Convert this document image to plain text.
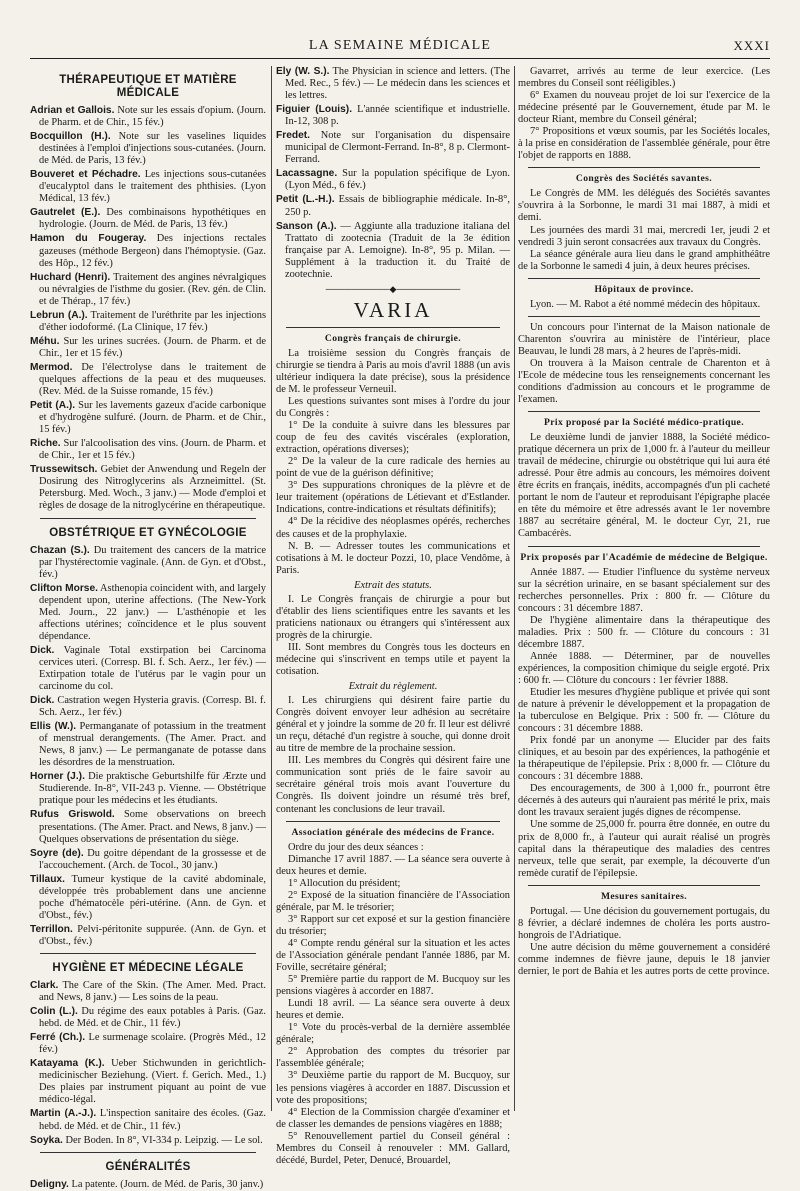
LA SEMAINE MÉDICALE	XXXI
THÉRAPEUTIQUE ET MATIÈRE MÉDICALE
Adrian et Gallois. Note sur les essais d'opium. (Journ. de Pharm. et de Chir., 15 fév.)
Bocquillon (H.). Note sur les vaselines liquides destinées à l'emploi d'injections sous-cutanées. (Journ. de Méd. de Paris, 13 fév.)
Bouveret et Péchadre. Les injections sous-cutanées d'eucalyptol dans le traitement des phthisies. (Lyon Médical, 13 fév.)
Gautrelet (E.). Des combinaisons hypothétiques en hydrologie. (Journ. de Méd. de Paris, 13 fév.)
Hamon du Fougeray. Des injections rectales gazeuses (méthode Bergeon) dans l'hémoptysie. (Gaz. des Hôp., 12 fév.)
Huchard (Henri). Traitement des angines névralgiques ou névralgies de l'isthme du gosier. (Rev. gén. de Clin. et de Thérap., 17 fév.)
Lebrun (A.). Traitement de l'uréthrite par les injections d'éther iodoformé. (La Clinique, 17 fév.)
Méhu. Sur les urines sucrées. (Journ. de Pharm. et de Chir., 1er et 15 fév.)
Mermod. De l'électrolyse dans le traitement de quelques affections de la peau et des muqueuses. (Rev. Méd. de la Suisse romande, 15 fév.)
Petit (A.). Sur les lavements gazeux d'acide carbonique et d'hydrogène sulfuré. (Journ. de Pharm. et de Chir., 15 fév.)
Riche. Sur l'alcoolisation des vins. (Journ. de Pharm. et de Chir., 1er et 15 fév.)
Trussewitsch. Gebiet der Anwendung und Regeln der Dosirung des Nitroglycerins als Arzneimittel. (St. Petersburg. Med. Woch., 3 janv.) — Mode d'emploi et règles de dosage de la nitroglycérine en thérapeutique.
OBSTÉTRIQUE ET GYNÉCOLOGIE
Chazan (S.). Du traitement des cancers de la matrice par l'hystérectomie vaginale. (Ann. de Gyn. et d'Obst., fév.)
Clifton Morse. Asthenopia coincident with, and largely dependent upon, uterine affections. (The New-York Med. Journ., 22 janv.) — L'asthénopie et les affections utérines; coïncidence et le plus souvent dépendance.
Dick. Vaginale Total exstirpation bei Carcinoma cervices uteri. (Corresp. Bl. f. Sch. Aerz., 1er fév.) — Extirpation totale de l'utérus par le vagin pour un carcinome du col.
Dick. Castration wegen Hysteria gravis. (Corresp. Bl. f. Sch. Aerz., 1er fév.)
Ellis (W.). Permanganate of potassium in the treatment of menstrual derangements. (The Amer. Pract. and News, 8 janv.) — Le permanganate de potasse dans les désordres de la menstruation.
Horner (J.). Die praktische Geburtshilfe für Ærzte und Studierende. In-8°, VII-243 p. Vienne. — Obstétrique pratique pour les médecins et les étudiants.
Rufus Griswold. Some observations on breech presentations. (The Amer. Pract. and News, 8 janv.) — Quelques observations de présentation du siège.
Soyre (de). Du goitre dépendant de la grossesse et de l'accouchement. (Arch. de Tocol., 30 janv.)
Tillaux. Tumeur kystique de la cavité abdominale, développée très probablement dans une ancienne poche d'hématocèle péri-utérine. (Ann. de Gyn. et d'Obst., fév.)
Terrillon. Pelvi-péritonite suppurée. (Ann. de Gyn. et d'Obst., fév.)
HYGIÈNE ET MÉDECINE LÉGALE
Clark. The Care of the Skin. (The Amer. Med. Pract. and News, 8 janv.) — Les soins de la peau.
Colin (L.). Du régime des eaux potables à Paris. (Gaz. hebd. de Méd. et de Chir., 11 fév.)
Ferré (Ch.). Le surmenage scolaire. (Progrès Méd., 12 fév.)
Katayama (K.). Ueber Stichwunden in gerichtlich-medicinischer Beziehung. (Viert. f. Gerich. Med., 1.) Des plaies par instrument piquant au point de vue médico-légal.
Martin (A.-J.). L'inspection sanitaire des écoles. (Gaz. hebd. de Méd. et de Chir., 11 fév.)
Soyka. Der Boden. In 8°, VI-334 p. Leipzig. — Le sol.
GÉNÉRALITÉS
Deligny. La patente. (Journ. de Méd. de Paris, 30 janv.)
Ely (W. S.). The Physician in science and letters. (The Med. Rec., 5 fév.) — Le médecin dans les sciences et les lettres.
Figuier (Louis). L'année scientifique et industrielle. In-12, 308 p.
Fredet. Note sur l'organisation du dispensaire municipal de Clermont-Ferrand. In-8°, 8 p. Clermont-Ferrand.
Lacassagne. Sur la population spécifique de Lyon. (Lyon Méd., 6 fév.)
Petit (L.-H.). Essais de bibliographie médicale. In-8°, 250 p.
Sanson (A.). — Aggiunte alla traduzione italiana del Trattato di zootecnia (Traduit de la 3e édition française par A. Lemoigne). In-8°, 95 p. Milan. — Supplément à la traduction it. du Traité de zootechnie.
──────────◆──────────
VARIA
Congrès français de chirurgie.

La troisième session du Congrès français de chirurgie se tiendra à Paris au mois d'avril 1888 (un avis ultérieur indiquera la date précise), sous la présidence de M. le professeur Verneuil.

Les questions suivantes sont mises à l'ordre du jour du Congrès :

1° De la conduite à suivre dans les blessures par coup de feu des cavités viscérales (exploration, extraction, opérations diverses);

2° De la valeur de la cure radicale des hernies au point de vue de la guérison définitive;

3° Des suppurations chroniques de la plèvre et de leur traitement (opérations de Létievant et d'Estlander. Indications, contre-indications et résultats définitifs);

4° De la récidive des néoplasmes opérés, recherches des causes et de la prophylaxie.

N. B. — Adresser toutes les communications et cotisations à M. le docteur Pozzi, 10, place Vendôme, à Paris.

Extrait des statuts.

I. Le Congrès français de chirurgie a pour but d'établir des liens scientifiques entre les savants et les praticiens nationaux ou étrangers qui s'intéressent aux progrès de la chirurgie.

III. Sont membres du Congrès tous les docteurs en médecine qui s'inscrivent en temps utile et payent la cotisation.

Extrait du règlement.

I. Les chirurgiens qui désirent faire partie du Congrès doivent envoyer leur adhésion au secrétaire général et y joindre la somme de 20 fr. Il leur est délivré un reçu, détaché d'un registre à souche, qui donne droit au titre de membre de la prochaine session.

III. Les membres du Congrès qui désirent faire une communication sont priés de le faire savoir au secrétaire général trois mois avant l'ouverture du Congrès. Ils doivent joindre un résumé très bref, contenant les conclusions de leur travail.

Association générale des médecins de France.

Ordre du jour des deux séances :

Dimanche 17 avril 1887. — La séance sera ouverte à deux heures et demie.

1° Allocution du président;

2° Exposé de la situation financière de l'Association générale, par M. le trésorier;

3° Rapport sur cet exposé et sur la gestion financière du trésorier;

4° Compte rendu général sur la situation et les actes de l'Association générale pendant l'année 1886, par M. Foville, secrétaire général;

5° Première partie du rapport de M. Bucquoy sur les pensions viagères à accorder en 1887.

Lundi 18 avril. — La séance sera ouverte à deux heures et demie.

1° Vote du procès-verbal de la dernière assemblée générale;

2° Approbation des comptes du trésorier par l'assemblée générale;

3° Deuxième partie du rapport de M. Bucquoy, sur les pensions viagères à accorder en 1887. Discussion et vote des propositions;

4° Election de la Commission chargée d'examiner et de classer les demandes de pensions viagères en 1888;

5° Renouvellement partiel du Conseil général : Membres du Conseil à renouveler : MM. Gallard, décédé, Burdel, Peter, Denucé, Brouardel,

Gavarret, arrivés au terme de leur exercice. (Les membres du Conseil sont rééligibles.)

6° Examen du nouveau projet de loi sur l'exercice de la médecine présenté par le Gouvernement, étude par M. le docteur Riant, membre du Conseil général;

7° Propositions et vœux soumis, par les Sociétés locales, à la prise en considération de l'assemblée générale, pour être l'objet de rapports en 1888.

Congrès des Sociétés savantes.

Le Congrès de MM. les délégués des Sociétés savantes s'ouvrira à la Sorbonne, le mardi 31 mai 1887, à midi et demi.

Les journées des mardi 31 mai, mercredi 1er, jeudi 2 et vendredi 3 juin seront consacrées aux travaux du Congrès.

La séance générale aura lieu dans le grand amphithéâtre de la Sorbonne le samedi 4 juin, à deux heures précises.

Hôpitaux de province.

Lyon. — M. Rabot a été nommé médecin des hôpitaux.

Un concours pour l'internat de la Maison nationale de Charenton s'ouvrira au ministère de l'intérieur, place Beauvau, le lundi 28 mars, à 2 heures de l'après-midi.

On trouvera à la Maison centrale de Charenton et à l'Ecole de médecine tous les renseignements concernant les conditions d'admission au concours et le programme de l'examen.

Prix proposé par la Société médico-pratique.

Le deuxième lundi de janvier 1888, la Société médico-pratique décernera un prix de 1,000 fr. à l'auteur du meilleur travail de médecine, chirurgie ou obstétrique qui lui aura été adressé. Pour être admis au concours, les mémoires doivent être écrits en français, inédits, accompagnés d'un pli cacheté portant le nom de l'auteur et reproduisant l'épigraphe placée en tête du mémoire et être adressés avant le 1er novembre 1887 au secrétaire général, M. le docteur Cyr, 21, rue Cambacérès.

Prix proposés par l'Académie de médecine de Belgique.

Année 1887. — Etudier l'influence du système nerveux sur la sécrétion urinaire, en se basant spécialement sur des recherches personnelles. Prix : 800 fr. — Clôture du concours : 31 décembre 1887.

De l'hygiène alimentaire dans la thérapeutique des maladies. Prix : 500 fr. — Clôture du concours : 31 décembre 1887.

Année 1888. — Déterminer, par de nouvelles expériences, la composition chimique du seigle ergoté. Prix : 600 fr. — Clôture du concours : 1er février 1888.

Etudier les mesures d'hygiène publique et privée qui sont de nature à prévenir le développement et la propagation de la tuberculose en Belgique. Prix : 500 fr. — Clôture du concours : 31 décembre 1888.

Prix fondé par un anonyme — Elucider par des faits cliniques, et au besoin par des expériences, la pathogénie et la thérapeutique de l'épilepsie. Prix : 8,000 fr. — Clôture du concours : 31 décembre 1888.

Des encouragements, de 300 à 1,000 fr., pourront être décernés à des auteurs qui n'auraient pas mérité le prix, mais dont les travaux seraient jugés dignes de récompense.

Une somme de 25,000 fr. pourra être donnée, en outre du prix de 8,000 fr., à l'auteur qui aurait réalisé un progrès capital dans la thérapeutique des maladies des centres nerveux, telle que serait, par exemple, la découverte d'un remède curatif de l'épilepsie.

Mesures sanitaires.

Portugal. — Une décision du gouvernement portugais, du 8 février, a déclaré indemnes de choléra les ports austro-hongrois de l'Adriatique.

Une autre décision du même gouvernement a considéré comme indemnes de fièvre jaune, depuis le 18 janvier dernier, le port de Bahia et les autres ports de cette province.
